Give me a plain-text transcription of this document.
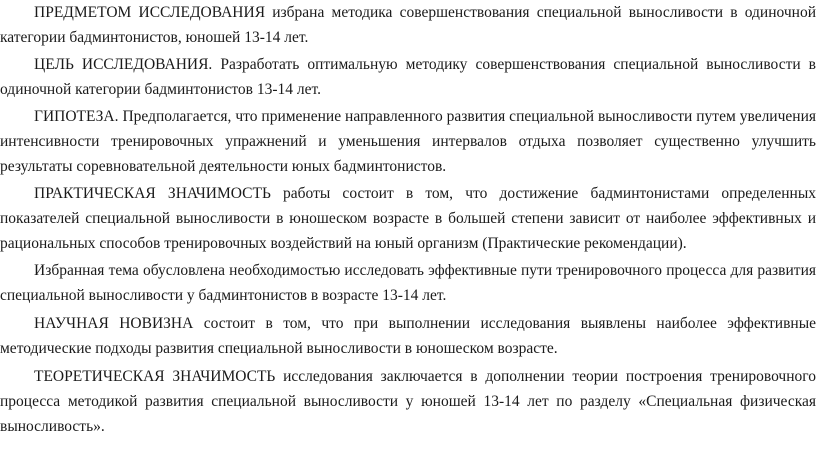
ПРЕДМЕТОМ ИССЛЕДОВАНИЯ избрана методика совершенствования специальной выносливости в одиночной категории бадминтонистов, юношей 13-14 лет.

ЦЕЛЬ ИССЛЕДОВАНИЯ. Разработать оптимальную методику совершенствования специальной выносливости в одиночной категории бадминтонистов 13-14 лет.

ГИПОТЕЗА. Предполагается, что применение направленного развития специальной выносливости путем увеличения интенсивности тренировочных упражнений и уменьшения интервалов отдыха позволяет существенно улучшить результаты соревновательной деятельности юных бадминтонистов.

ПРАКТИЧЕСКАЯ ЗНАЧИМОСТЬ работы состоит в том, что достижение бадминтонистами определенных показателей специальной выносливости в юношеском возрасте в большей степени зависит от наиболее эффективных и рациональных способов тренировочных воздействий на юный организм (Практические рекомендации).

Избранная тема обусловлена необходимостью исследовать эффективные пути тренировочного процесса для развития специальной выносливости у бадминтонистов в возрасте 13-14 лет.

НАУЧНАЯ НОВИЗНА состоит в том, что при выполнении исследования выявлены наиболее эффективные методические подходы развития специальной выносливости в юношеском возрасте.

ТЕОРЕТИЧЕСКАЯ ЗНАЧИМОСТЬ исследования заключается в дополнении теории построения тренировочного процесса методикой развития специальной выносливости у юношей 13-14 лет по разделу «Специальная физическая выносливость».
